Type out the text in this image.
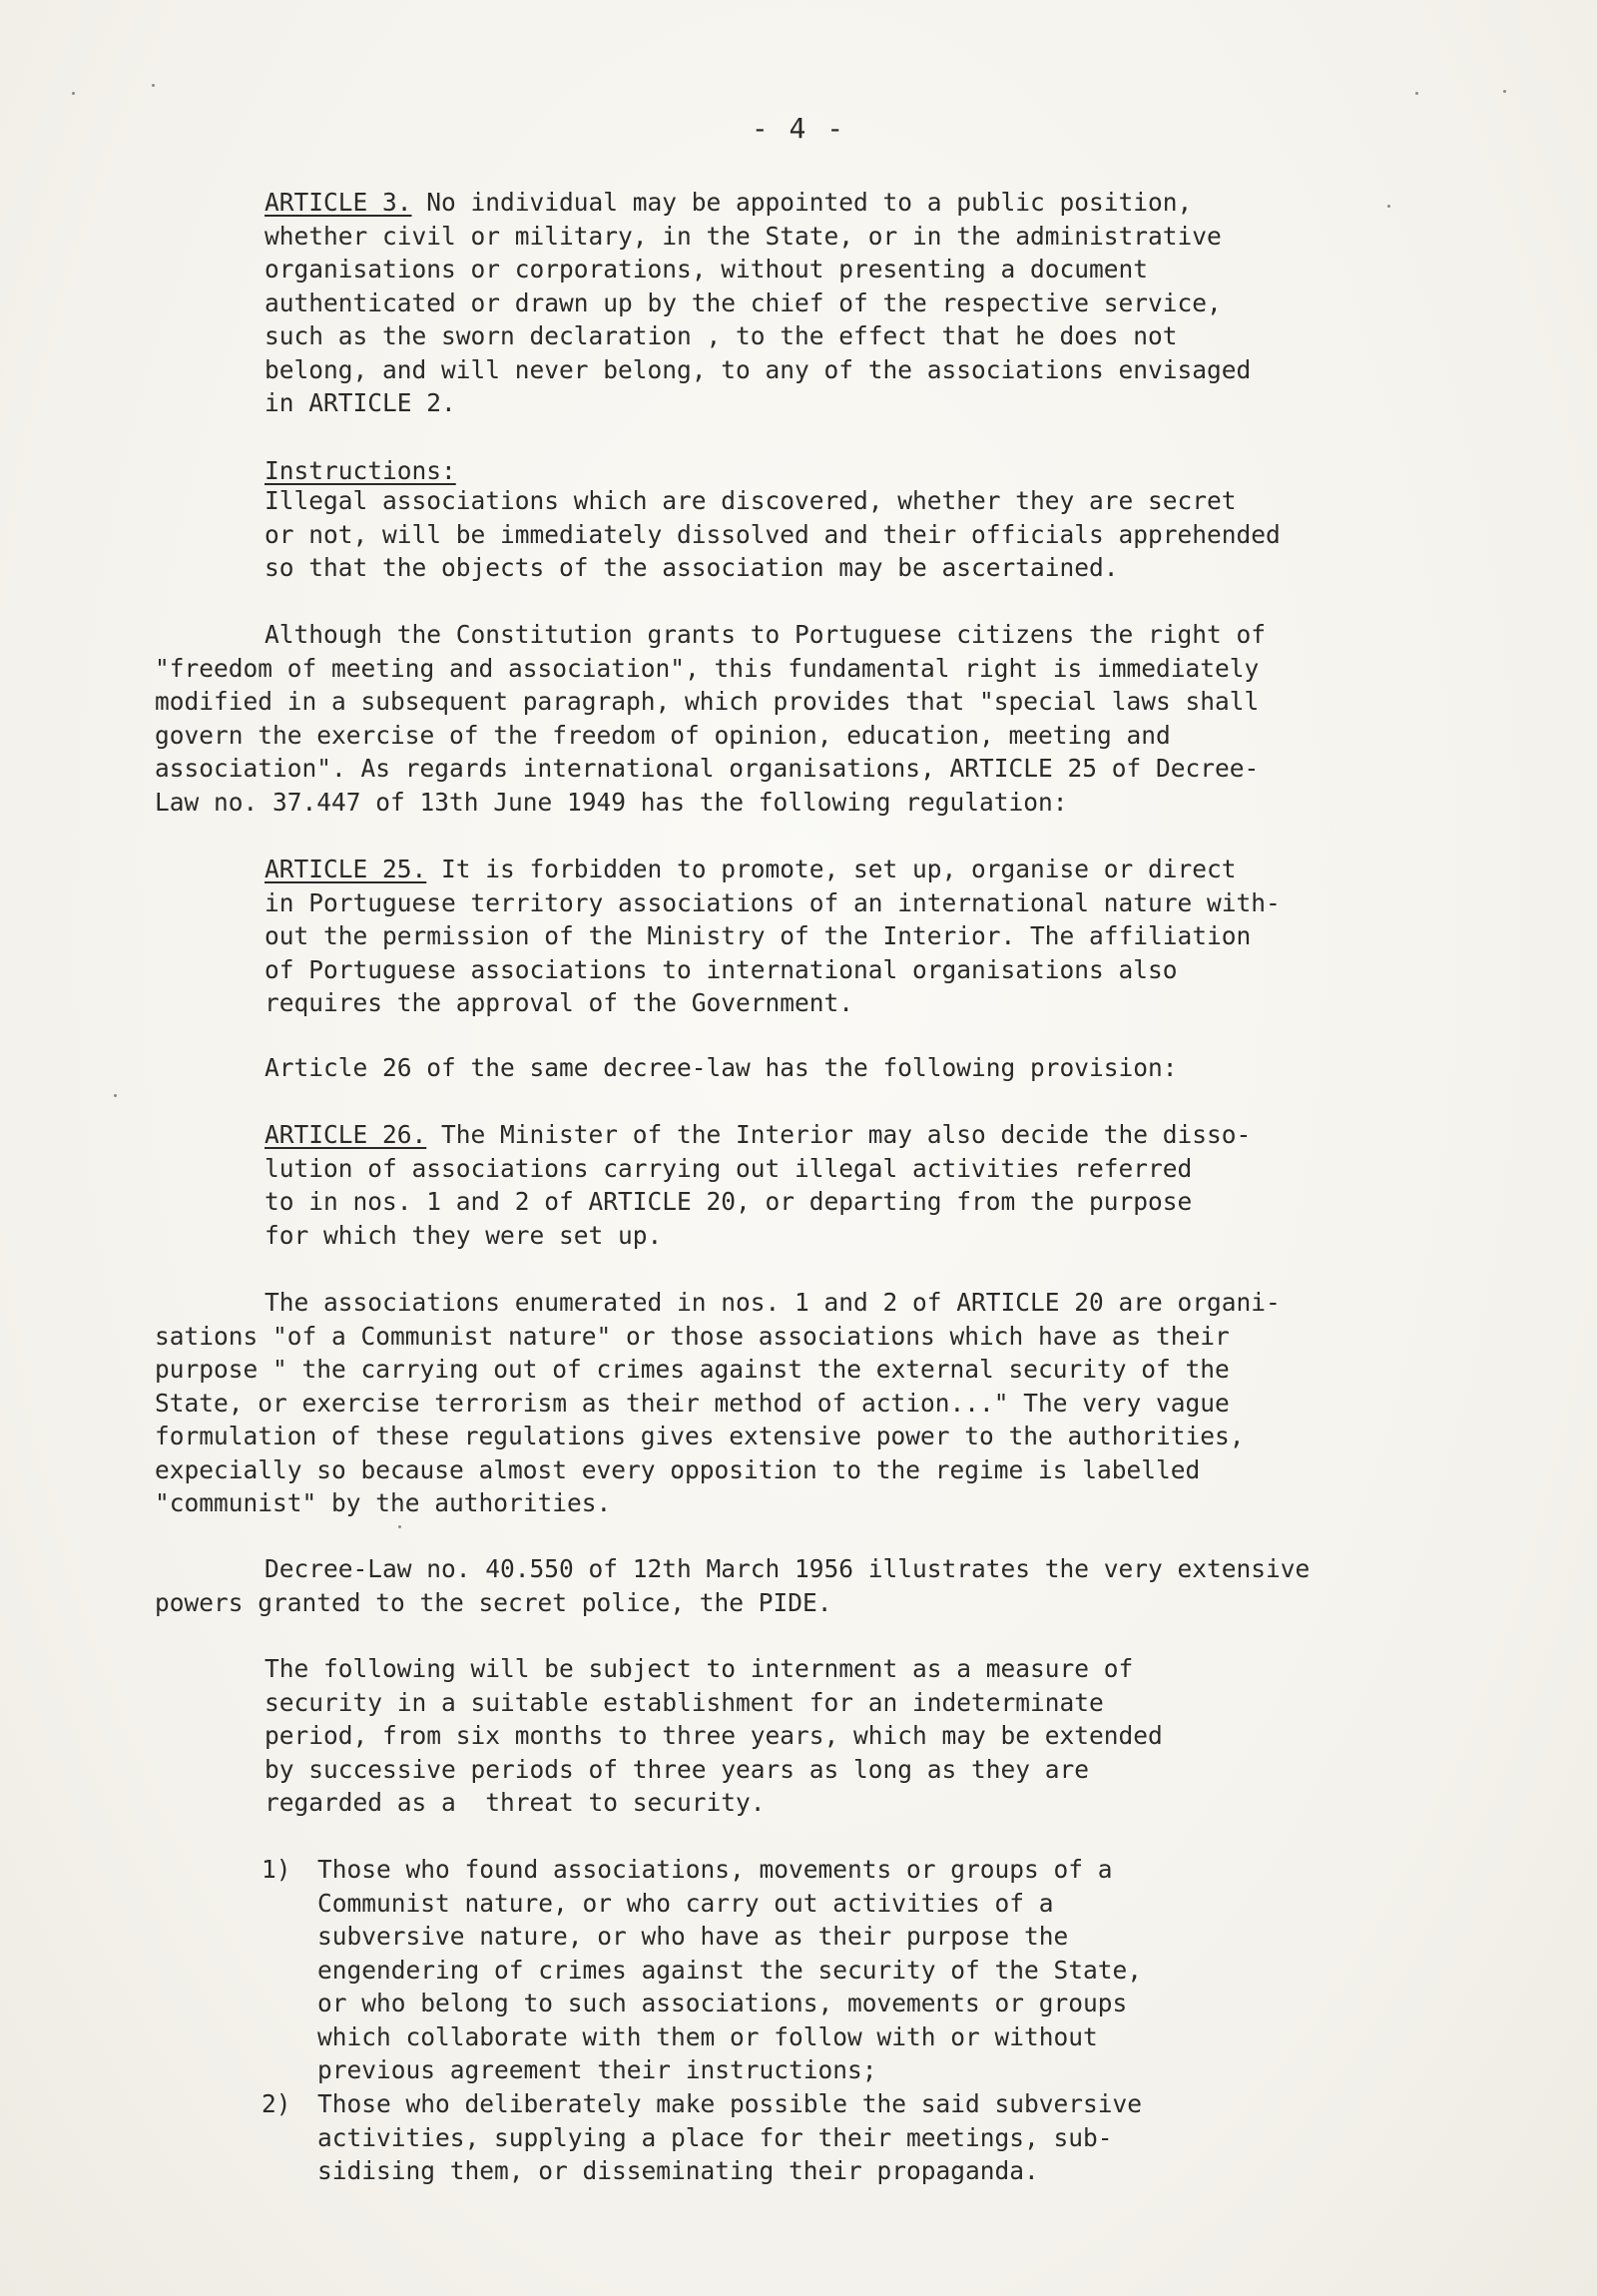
- 4 -
ARTICLE 3. No individual may be appointed to a public position,
whether civil or military, in the State, or in the administrative
organisations or corporations, without presenting a document
authenticated or drawn up by the chief of the respective service,
such as the sworn declaration , to the effect that he does not
belong, and will never belong, to any of the associations envisaged
in ARTICLE 2.
Instructions:
Illegal associations which are discovered, whether they are secret
or not, will be immediately dissolved and their officials apprehended
so that the objects of the association may be ascertained.
Although the Constitution grants to Portuguese citizens the right of
"freedom of meeting and association", this fundamental right is immediately
modified in a subsequent paragraph, which provides that "special laws shall
govern the exercise of the freedom of opinion, education, meeting and
association". As regards international organisations, ARTICLE 25 of Decree-
Law no. 37.447 of 13th June 1949 has the following regulation:
ARTICLE 25. It is forbidden to promote, set up, organise or direct
in Portuguese territory associations of an international nature with-
out the permission of the Ministry of the Interior. The affiliation
of Portuguese associations to international organisations also
requires the approval of the Government.
Article 26 of the same decree-law has the following provision:
ARTICLE 26. The Minister of the Interior may also decide the disso-
lution of associations carrying out illegal activities referred
to in nos. 1 and 2 of ARTICLE 20, or departing from the purpose
for which they were set up.
The associations enumerated in nos. 1 and 2 of ARTICLE 20 are organi-
sations "of a Communist nature" or those associations which have as their
purpose " the carrying out of crimes against the external security of the
State, or exercise terrorism as their method of action..." The very vague
formulation of these regulations gives extensive power to the authorities,
expecially so because almost every opposition to the regime is labelled
"communist" by the authorities.
Decree-Law no. 40.550 of 12th March 1956 illustrates the very extensive
powers granted to the secret police, the PIDE.
The following will be subject to internment as a measure of
security in a suitable establishment for an indeterminate
period, from six months to three years, which may be extended
by successive periods of three years as long as they are
regarded as a  threat to security.

1)

Those who found associations, movements or groups of a
Communist nature, or who carry out activities of a
subversive nature, or who have as their purpose the
engendering of crimes against the security of the State,
or who belong to such associations, movements or groups
which collaborate with them or follow with or without
previous agreement their instructions;

2)

Those who deliberately make possible the said subversive
activities, supplying a place for their meetings, sub-
sidising them, or disseminating their propaganda.
